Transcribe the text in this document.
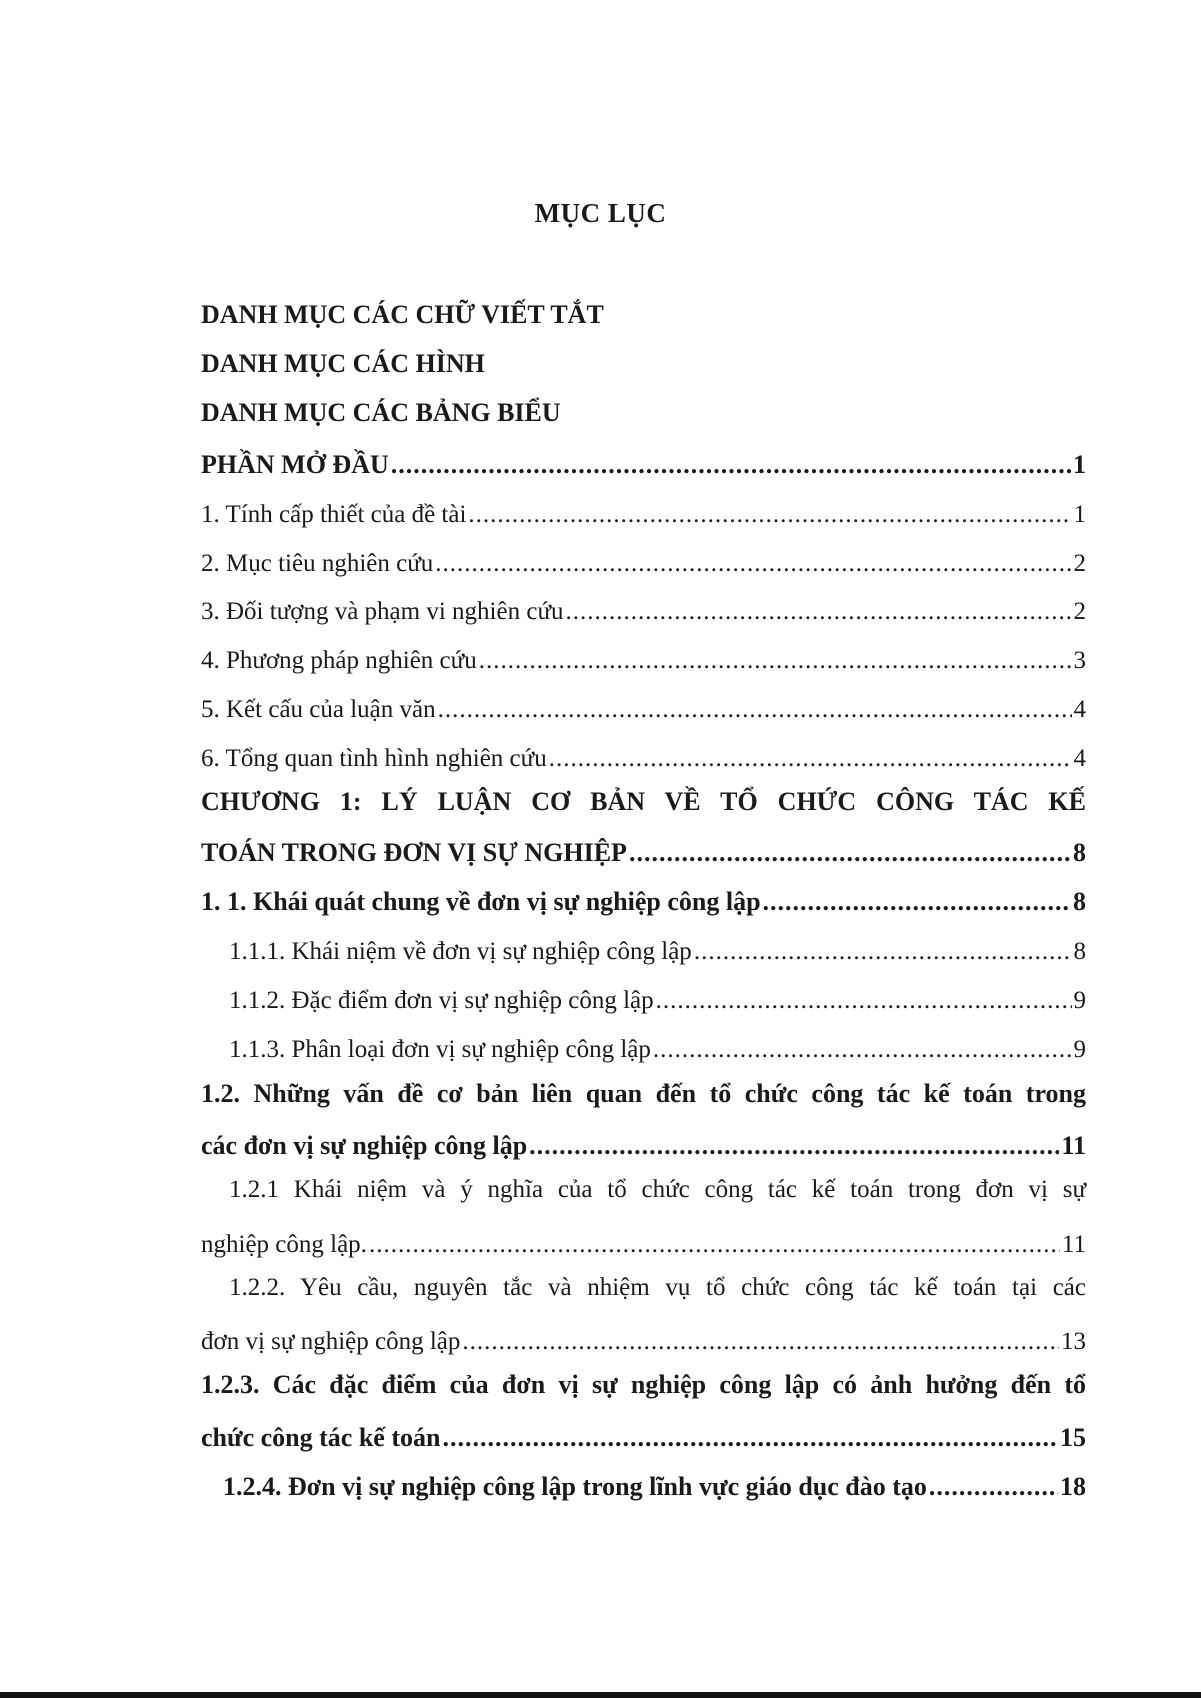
MỤC LỤC
DANH MỤC CÁC CHỮ VIẾT TẮT
DANH MỤC CÁC HÌNH
DANH MỤC CÁC BẢNG BIỂU
PHẦN MỞ ĐẦU .....	1
1. Tính cấp thiết của đề tài .....	1
2. Mục tiêu nghiên cứu .....	2
3. Đối tượng và phạm vi nghiên cứu .....	2
4. Phương pháp nghiên cứu .....	3
5. Kết cấu của luận văn .....	4
6. Tổng quan tình hình nghiên cứu .....	4
CHƯƠNG 1: LÝ LUẬN CƠ BẢN VỀ TỔ CHỨC CÔNG TÁC KẾ
TOÁN TRONG ĐƠN VỊ SỰ NGHIỆP .....	8
1. 1. Khái quát chung về đơn vị sự nghiệp công lập .....	8
1.1.1. Khái niệm về đơn vị sự nghiệp công lập .....	8
1.1.2. Đặc điểm đơn vị sự nghiệp công lập .....	9
1.1.3. Phân loại đơn vị sự nghiệp công lập .....	9
1.2. Những vấn đề cơ bản liên quan đến tổ chức công tác kế toán trong
các đơn vị sự nghiệp công lập .....	11
1.2.1 Khái niệm và ý nghĩa của tổ chức công tác kế toán trong đơn vị sự
nghiệp công lập. .....	11
1.2.2. Yêu cầu, nguyên tắc và nhiệm vụ tổ chức công tác kế toán tại các
đơn vị sự nghiệp công lập .....	13
1.2.3. Các đặc điểm của đơn vị sự nghiệp công lập có ảnh hưởng đến tổ
chức công tác kế toán .....	15
1.2.4. Đơn vị sự nghiệp công lập trong lĩnh vực giáo dục đào tạo .....	18
